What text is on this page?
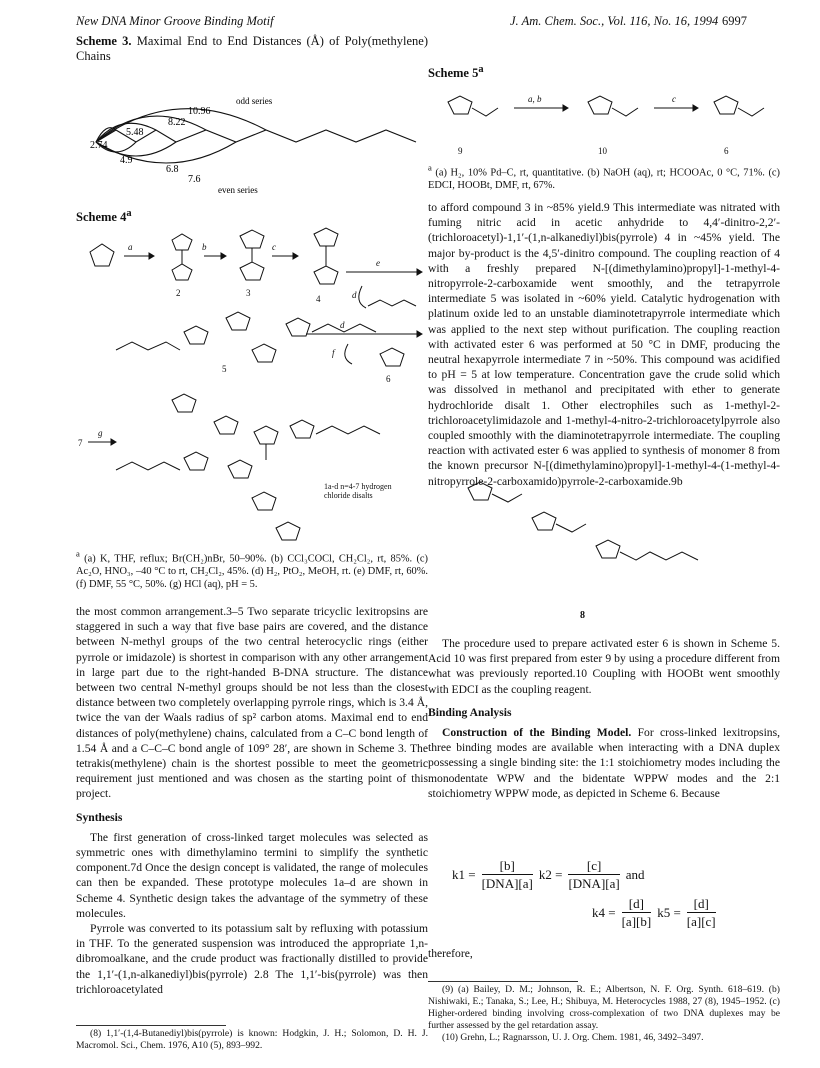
New DNA Minor Groove Binding Motif	J. Am. Chem. Soc., Vol. 116, No. 16, 1994 6997
Scheme 3. Maximal End to End Distances (Å) of Poly(methylene) Chains
2.74
4.9
5.48
6.8
7.6
8.22
10.96
odd series
even series
Scheme 4$^a$
a	b	c
e
d
d
f
g
2	3
4
5
6
7
1a-d n=4-7 hydrogen chloride disalts
$^a$ (a) K, THF, reflux; Br(CH₂)nBr, 50–90%. (b) CCl₃COCl, CH₂Cl₂, rt, 85%. (c) Ac₂O, HNO₃, –40 °C to rt, CH₂Cl₂, 45%. (d) H₂, PtO₂, MeOH, rt. (e) DMF, rt, 60%. (f) DMF, 55 °C, 50%. (g) HCl (aq), pH = 5.

the most common arrangement.3–5 Two separate tricyclic lexitropsins are staggered in such a way that five base pairs are covered, and the distance between N-methyl groups of the two central heterocyclic rings (either pyrrole or imidazole) is shortest in comparison with any other arrangement in large part due to the right-handed B-DNA structure. The distance between two central N-methyl groups should be not less than the closest distance between two completely overlapping pyrrole rings, which is 3.4 Å, twice the van der Waals radius of sp² carbon atoms. Maximal end to end distances of poly(methylene) chains, calculated from a C–C bond length of 1.54 Å and a C–C–C bond angle of 109° 28′, are shown in Scheme 3. The tetrakis(methylene) chain is the shortest possible to meet the geometric requirement just mentioned and was chosen as the starting point of this project.

Synthesis

The first generation of cross-linked target molecules was selected as symmetric ones with dimethylamino termini to simplify the synthetic component.7d Once the design concept is validated, the range of molecules can then be expanded. These prototype molecules 1a–d are shown in Scheme 4. Synthetic design takes the advantage of the symmetry of these molecules.

Pyrrole was converted to its potassium salt by refluxing with potassium in THF. To the generated suspension was introduced the appropriate 1,n-dibromoalkane, and the crude product was fractionally distilled to provide the 1,1′-(1,n-alkanediyl)bis(pyrrole) 2.8 The 1,1′-bis(pyrrole) was then trichloroacetylated

(8) 1,1′-(1,4-Butanediyl)bis(pyrrole) is known: Hodgkin, J. H.; Solomon, D. H. J. Macromol. Sci., Chem. 1976, A10 (5), 893–992.

Scheme 5$^a$
a, b	c
9	10	6
$^a$ (a) H₂, 10% Pd–C, rt, quantitative. (b) NaOH (aq), rt; HCOOAc, 0 °C, 71%. (c) EDCI, HOOBt, DMF, rt, 67%.

to afford compound 3 in ~85% yield.9 This intermediate was nitrated with fuming nitric acid in acetic anhydride to 4,4′-dinitro-2,2′-(trichloroacetyl)-1,1′-(1,n-alkanediyl)bis(pyrrole) 4 in ~45% yield. The major by-product is the 4,5′-dinitro compound. The coupling reaction of 4 with a freshly prepared N-[(dimethylamino)propyl]-1-methyl-4-nitropyrrole-2-carboxamide went smoothly, and the tetrapyrrole intermediate 5 was isolated in ~60% yield. Catalytic hydrogenation with platinum oxide led to an unstable diaminotetrapyrrole intermediate which was applied to the next step without purification. The coupling reaction with activated ester 6 was performed at 50 °C in DMF, producing the neutral hexapyrrole intermediate 7 in ~50%. This compound was acidified to pH = 5 at low temperature. Concentration gave the crude solid which was dissolved in methanol and precipitated with ether to generate hydrochloride disalt 1. Other electrophiles such as 1-methyl-2-trichloroacetylimidazole and 1-methyl-4-nitro-2-trichloroacetylpyrrole also coupled smoothly with the diaminotetrapyrrole intermediate. The coupling reaction with activated ester 6 was applied to synthesis of monomer 8 from the known precursor N-[(dimethylamino)propyl]-1-methyl-4-(1-methyl-4-nitropyrrole-2-carboxamido)pyrrole-2-carboxamide.9b

8

The procedure used to prepare activated ester 6 is shown in Scheme 5. Acid 10 was first prepared from ester 9 by using a procedure different from what was previously reported.10 Coupling with HOOBt went smoothly with EDCI as the coupling reagent.

Binding Analysis

Construction of the Binding Model. For cross-linked lexitropsins, three binding modes are available when interacting with a DNA duplex possessing a single binding site: the 1:1 stoichiometry modes including the monodentate WPW and the bidentate WPPW modes and the 2:1 stoichiometry WPPW mode, as depicted in Scheme 6. Because

k1 =
[b]
[DNA][a]
k2 =
[c]
[DNA][a]
and
$k4 = \frac{[d]}{[a][b]} k5 = \frac{[d]}{[a][c]}$
therefore,

(9) (a) Bailey, D. M.; Johnson, R. E.; Albertson, N. F. Org. Synth. 618–619. (b) Nishiwaki, E.; Tanaka, S.; Lee, H.; Shibuya, M. Heterocycles 1988, 27 (8), 1945–1952. (c) Higher-ordered binding involving cross-complexation of two DNA duplexes may be further assessed by the gel retardation assay.

(10) Grehn, L.; Ragnarsson, U. J. Org. Chem. 1981, 46, 3492–3497.
